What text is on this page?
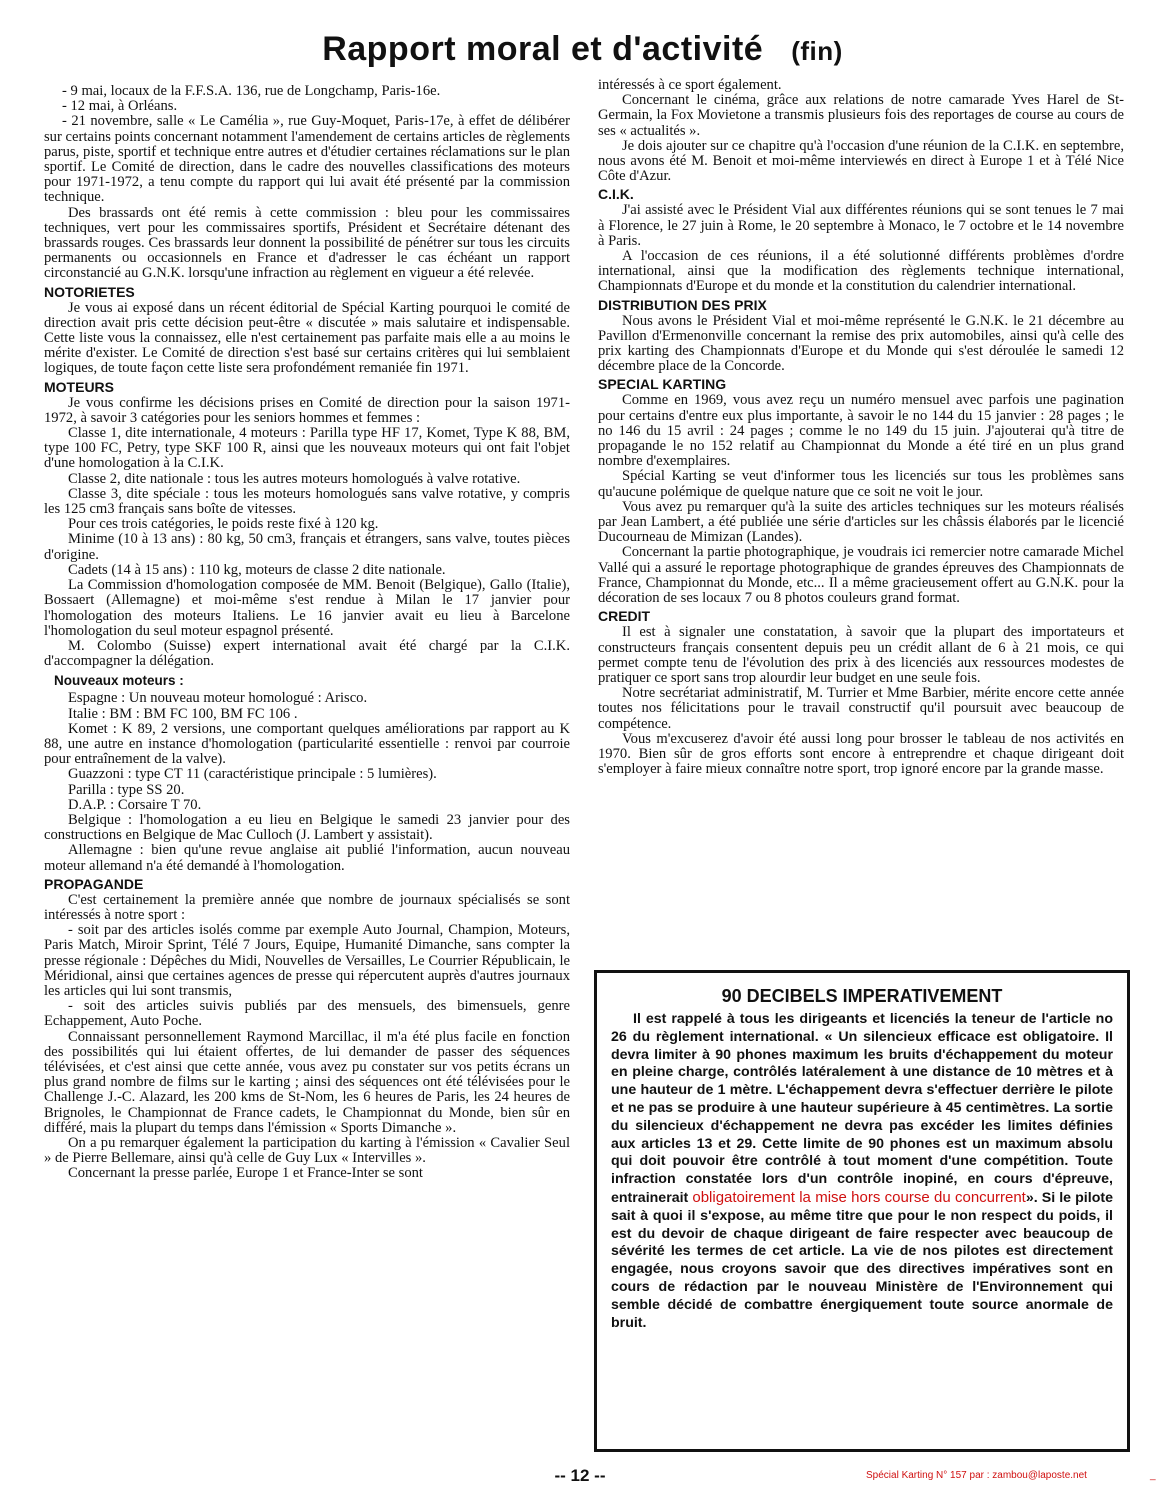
Rapport moral et d'activité (fin)

- 9 mai, locaux de la F.F.S.A. 136, rue de Longchamp, Paris-16e.

- 12 mai, à Orléans.

- 21 novembre, salle « Le Camélia », rue Guy-Moquet, Paris-17e, à effet de délibérer sur certains points concernant notamment l'amendement de certains articles de règlements parus, piste, sportif et technique entre autres et d'étudier certaines réclamations sur le plan sportif. Le Comité de direction, dans le cadre des nouvelles classifications des moteurs pour 1971-1972, a tenu compte du rapport qui lui avait été présenté par la commission technique.

Des brassards ont été remis à cette commission : bleu pour les commissaires techniques, vert pour les commissaires sportifs, Président et Secrétaire détenant des brassards rouges. Ces brassards leur donnent la possibilité de pénétrer sur tous les circuits permanents ou occasionnels en France et d'adresser le cas échéant un rapport circonstancié au G.N.K. lorsqu'une infraction au règlement en vigueur a été relevée.

NOTORIETES

Je vous ai exposé dans un récent éditorial de Spécial Karting pourquoi le comité de direction avait pris cette décision peut-être « discutée » mais salutaire et indispensable. Cette liste vous la connaissez, elle n'est certainement pas parfaite mais elle a au moins le mérite d'exister. Le Comité de direction s'est basé sur certains critères qui lui semblaient logiques, de toute façon cette liste sera profondément remaniée fin 1971.

MOTEURS

Je vous confirme les décisions prises en Comité de direction pour la saison 1971-1972, à savoir 3 catégories pour les seniors hommes et femmes :

Classe 1, dite internationale, 4 moteurs : Parilla type HF 17, Komet, Type K 88, BM, type 100 FC, Petry, type SKF 100 R, ainsi que les nouveaux moteurs qui ont fait l'objet d'une homologation à la C.I.K.

Classe 2, dite nationale : tous les autres moteurs homologués à valve rotative.

Classe 3, dite spéciale : tous les moteurs homologués sans valve rotative, y compris les 125 cm3 français sans boîte de vitesses.

Pour ces trois catégories, le poids reste fixé à 120 kg.

Minime (10 à 13 ans) : 80 kg, 50 cm3, français et étrangers, sans valve, toutes pièces d'origine.

Cadets (14 à 15 ans) : 110 kg, moteurs de classe 2 dite nationale.

La Commission d'homologation composée de MM. Benoit (Belgique), Gallo (Italie), Bossaert (Allemagne) et moi-même s'est rendue à Milan le 17 janvier pour l'homologation des moteurs Italiens. Le 16 janvier avait eu lieu à Barcelone l'homologation du seul moteur espagnol présenté.

M. Colombo (Suisse) expert international avait été chargé par la C.I.K. d'accompagner la délégation.

Nouveaux moteurs :

Espagne : Un nouveau moteur homologué : Arisco.

Italie : BM : BM FC 100, BM FC 106 .

Komet : K 89, 2 versions, une comportant quelques améliorations par rapport au K 88, une autre en instance d'homologation (particularité essentielle : renvoi par courroie pour entraînement de la valve).

Guazzoni : type CT 11 (caractéristique principale : 5 lumières).

Parilla : type SS 20.

D.A.P. : Corsaire T 70.

Belgique : l'homologation a eu lieu en Belgique le samedi 23 janvier pour des constructions en Belgique de Mac Culloch (J. Lambert y assistait).

Allemagne : bien qu'une revue anglaise ait publié l'information, aucun nouveau moteur allemand n'a été demandé à l'homologation.

PROPAGANDE

C'est certainement la première année que nombre de journaux spécialisés se sont intéressés à notre sport :

- soit par des articles isolés comme par exemple Auto Journal, Champion, Moteurs, Paris Match, Miroir Sprint, Télé 7 Jours, Equipe, Humanité Dimanche, sans compter la presse régionale : Dépêches du Midi, Nouvelles de Versailles, Le Courrier Républicain, le Méridional, ainsi que certaines agences de presse qui répercutent auprès d'autres journaux les articles qui lui sont transmis,

- soit des articles suivis publiés par des mensuels, des bimensuels, genre Echappement, Auto Poche.

Connaissant personnellement Raymond Marcillac, il m'a été plus facile en fonction des possibilités qui lui étaient offertes, de lui demander de passer des séquences télévisées, et c'est ainsi que cette année, vous avez pu constater sur vos petits écrans un plus grand nombre de films sur le karting ; ainsi des séquences ont été télévisées pour le Challenge J.-C. Alazard, les 200 kms de St-Nom, les 6 heures de Paris, les 24 heures de Brignoles, le Championnat de France cadets, le Championnat du Monde, bien sûr en différé, mais la plupart du temps dans l'émission « Sports Dimanche ».

On a pu remarquer également la participation du karting à l'émission « Cavalier Seul » de Pierre Bellemare, ainsi qu'à celle de Guy Lux « Intervilles ».

Concernant la presse parlée, Europe 1 et France-Inter se sont

intéressés à ce sport également.

Concernant le cinéma, grâce aux relations de notre camarade Yves Harel de St-Germain, la Fox Movietone a transmis plusieurs fois des reportages de course au cours de ses « actualités ».

Je dois ajouter sur ce chapitre qu'à l'occasion d'une réunion de la C.I.K. en septembre, nous avons été M. Benoit et moi-même interviewés en direct à Europe 1 et à Télé Nice Côte d'Azur.

C.I.K.

J'ai assisté avec le Président Vial aux différentes réunions qui se sont tenues le 7 mai à Florence, le 27 juin à Rome, le 20 septembre à Monaco, le 7 octobre et le 14 novembre à Paris.

A l'occasion de ces réunions, il a été solutionné différents problèmes d'ordre international, ainsi que la modification des règlements technique international, Championnats d'Europe et du monde et la constitution du calendrier international.

DISTRIBUTION DES PRIX

Nous avons le Président Vial et moi-même représenté le G.N.K. le 21 décembre au Pavillon d'Ermenonville concernant la remise des prix automobiles, ainsi qu'à celle des prix karting des Championnats d'Europe et du Monde qui s'est déroulée le samedi 12 décembre place de la Concorde.

SPECIAL KARTING

Comme en 1969, vous avez reçu un numéro mensuel avec parfois une pagination pour certains d'entre eux plus importante, à savoir le no 144 du 15 janvier : 28 pages ; le no 146 du 15 avril : 24 pages ; comme le no 149 du 15 juin. J'ajouterai qu'à titre de propagande le no 152 relatif au Championnat du Monde a été tiré en un plus grand nombre d'exemplaires.

Spécial Karting se veut d'informer tous les licenciés sur tous les problèmes sans qu'aucune polémique de quelque nature que ce soit ne voit le jour.

Vous avez pu remarquer qu'à la suite des articles techniques sur les moteurs réalisés par Jean Lambert, a été publiée une série d'articles sur les châssis élaborés par le licencié Ducourneau de Mimizan (Landes).

Concernant la partie photographique, je voudrais ici remercier notre camarade Michel Vallé qui a assuré le reportage photographique de grandes épreuves des Championnats de France, Championnat du Monde, etc... Il a même gracieusement offert au G.N.K. pour la décoration de ses locaux 7 ou 8 photos couleurs grand format.

CREDIT

Il est à signaler une constatation, à savoir que la plupart des importateurs et constructeurs français consentent depuis peu un crédit allant de 6 à 21 mois, ce qui permet compte tenu de l'évolution des prix à des licenciés aux ressources modestes de pratiquer ce sport sans trop alourdir leur budget en une seule fois.

Notre secrétariat administratif, M. Turrier et Mme Barbier, mérite encore cette année toutes nos félicitations pour le travail constructif qu'il poursuit avec beaucoup de compétence.

Vous m'excuserez d'avoir été aussi long pour brosser le tableau de nos activités en 1970. Bien sûr de gros efforts sont encore à entreprendre et chaque dirigeant doit s'employer à faire mieux connaître notre sport, trop ignoré encore par la grande masse.

90 DECIBELS IMPERATIVEMENT

Il est rappelé à tous les dirigeants et licenciés la teneur de l'article no 26 du règlement international. « Un silencieux efficace est obligatoire. Il devra limiter à 90 phones maximum les bruits d'échappement du moteur en pleine charge, contrôlés latéralement à une distance de 10 mètres et à une hauteur de 1 mètre. L'échappement devra s'effectuer derrière le pilote et ne pas se produire à une hauteur supérieure à 45 centimètres. La sortie du silencieux d'échappement ne devra pas excéder les limites définies aux articles 13 et 29. Cette limite de 90 phones est un maximum absolu qui doit pouvoir être contrôlé à tout moment d'une compétition. Toute infraction constatée lors d'un contrôle inopiné, en cours d'épreuve, entrainerait obligatoirement la mise hors course du concurrent». Si le pilote sait à quoi il s'expose, au même titre que pour le non respect du poids, il est du devoir de chaque dirigeant de faire respecter avec beaucoup de sévérité les termes de cet article. La vie de nos pilotes est directement engagée, nous croyons savoir que des directives impératives sont en cours de rédaction par le nouveau Ministère de l'Environnement qui semble décidé de combattre énergiquement toute source anormale de bruit.

-- 12 --	Spécial Karting N° 157 par : zambou@laposte.net	_
